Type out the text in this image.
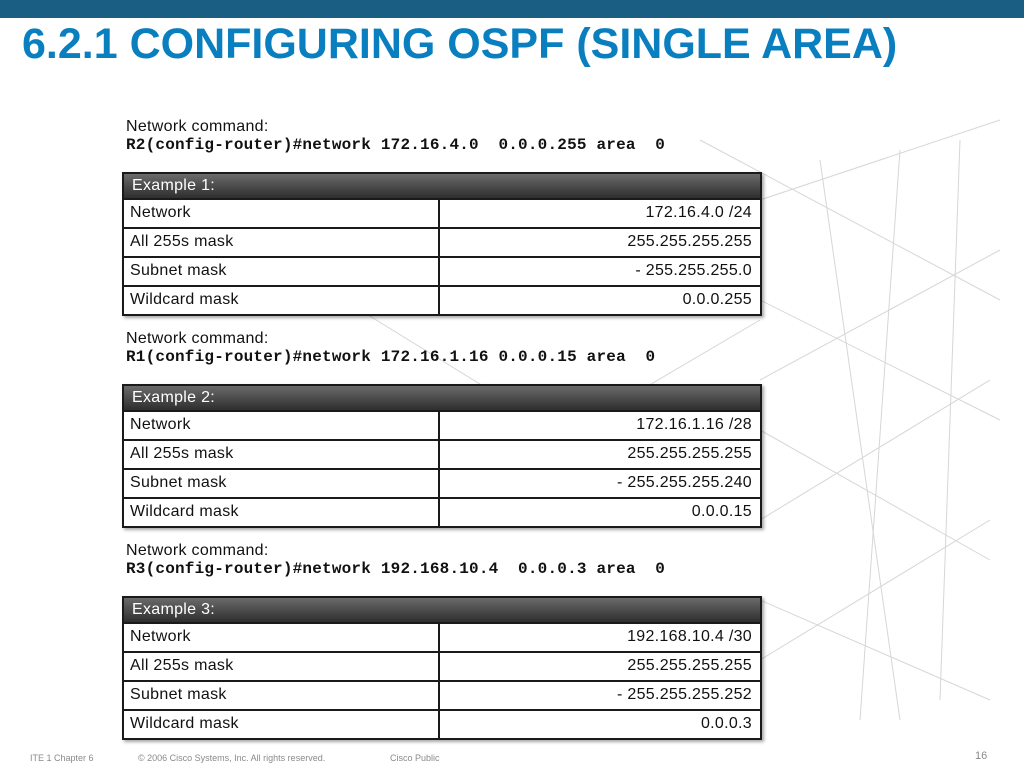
6.2.1 CONFIGURING OSPF (SINGLE AREA)
Network command:
R2(config-router)#network 172.16.4.0  0.0.0.255 area  0
Example 1:
Network	172.16.4.0 /24
All 255s mask	255.255.255.255
Subnet mask	- 255.255.255.0
Wildcard mask	0.0.0.255
Network command:
R1(config-router)#network 172.16.1.16 0.0.0.15 area  0
Example 2:
Network	172.16.1.16 /28
All 255s mask	255.255.255.255
Subnet mask	- 255.255.255.240
Wildcard mask	0.0.0.15
Network command:
R3(config-router)#network 192.168.10.4  0.0.0.3 area  0
Example 3:
Network	192.168.10.4 /30
All 255s mask	255.255.255.255
Subnet mask	- 255.255.255.252
Wildcard mask	0.0.0.3
ITE 1 Chapter 6	© 2006 Cisco Systems, Inc. All rights reserved.	Cisco Public	16
